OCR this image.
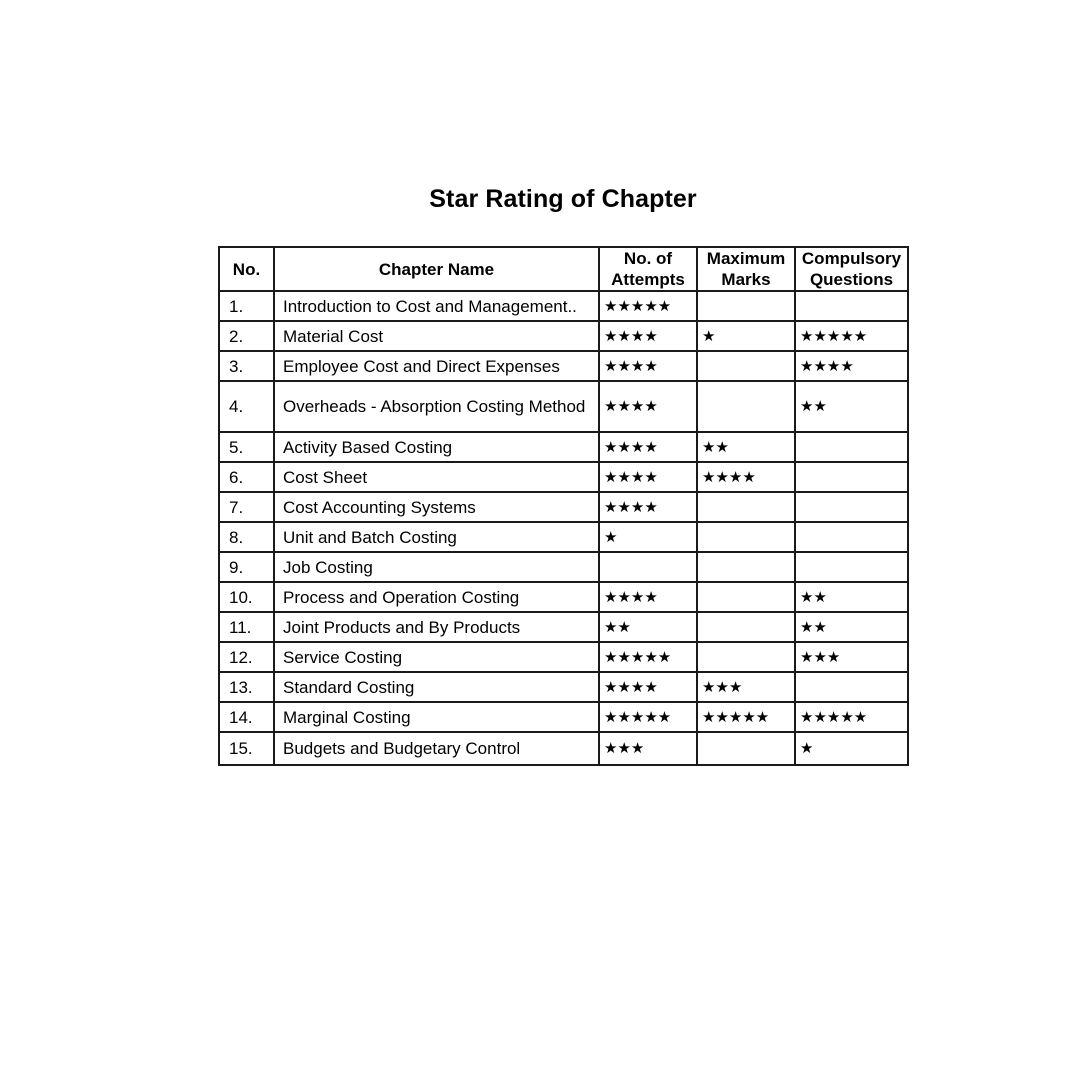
Star Rating of Chapter
No.	Chapter Name	No. of Attempts	Maximum Marks	Compulsory Questions
1.	Introduction to Cost and Management..	★★★★★		
2.	Material Cost	★★★★	★	★★★★★
3.	Employee Cost and Direct Expenses	★★★★		★★★★
4.	Overheads - Absorption Costing Method	★★★★		★★
5.	Activity Based Costing	★★★★	★★	
6.	Cost Sheet	★★★★	★★★★	
7.	Cost Accounting Systems	★★★★		
8.	Unit and Batch Costing	★		
9.	Job Costing			
10.	Process and Operation Costing	★★★★		★★
11.	Joint Products and By Products	★★		★★
12.	Service Costing	★★★★★		★★★
13.	Standard Costing	★★★★	★★★	
14.	Marginal Costing	★★★★★	★★★★★	★★★★★
15.	Budgets and Budgetary Control	★★★		★
